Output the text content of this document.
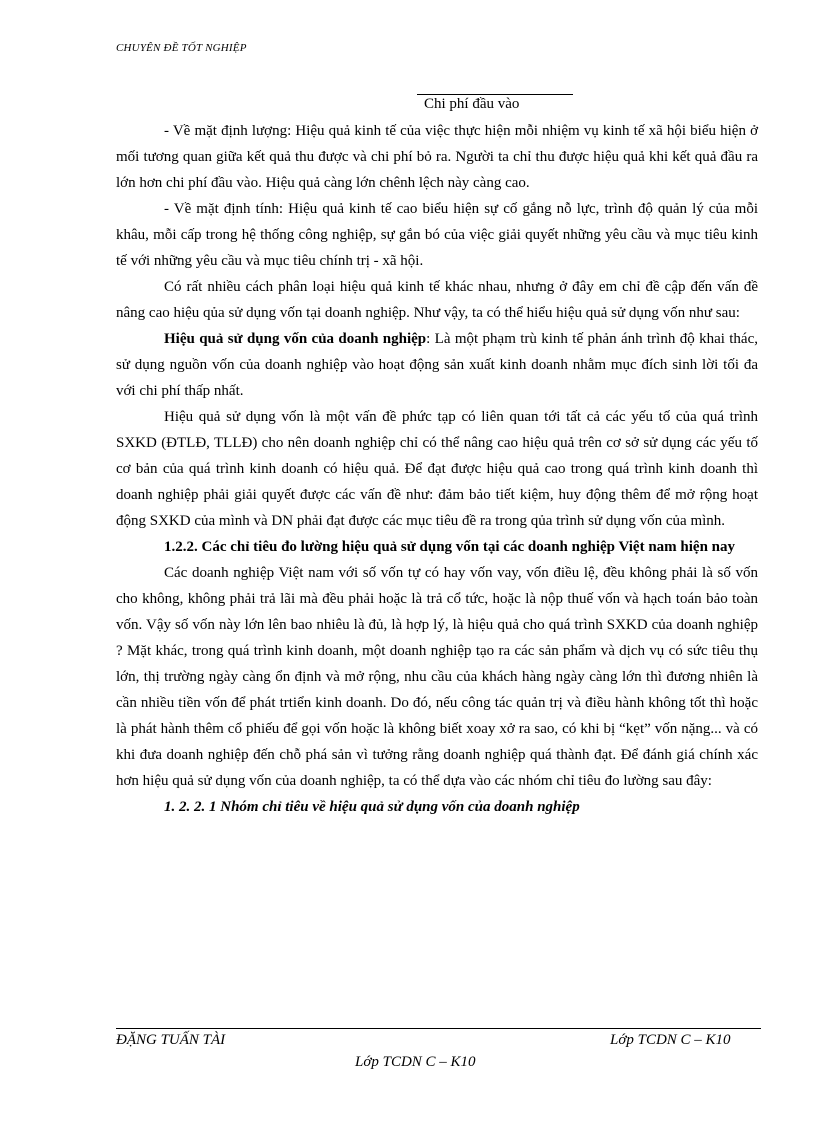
CHUYÊN ĐỀ TỐT NGHIỆP
Chi phí đầu vào

- Về mặt định lượng: Hiệu quả kinh tế của việc thực hiện mỗi nhiệm vụ kinh tế xã hội biểu hiện ở mối tương quan giữa kết quả thu được và chi phí bỏ ra. Người ta chỉ thu được hiệu quả khi kết quả đầu ra lớn hơn chi phí đầu vào. Hiệu quả càng lớn chênh lệch này càng cao.

- Về mặt định tính: Hiệu quả kinh tế cao biểu hiện sự cố gắng nỗ lực, trình độ quản lý của mỗi khâu, mỗi cấp trong hệ thống công nghiệp, sự gắn bó của việc giải quyết những yêu cầu và mục tiêu kinh tế với những yêu cầu và mục tiêu chính trị - xã hội.

Có rất nhiều cách phân loại hiệu quả kinh tế khác nhau, nhưng ở đây em chỉ đề cập đến vấn đề nâng cao hiệu qủa sử dụng vốn tại doanh nghiệp. Như vậy, ta có thể hiểu hiệu quả sử dụng vốn như sau:

Hiệu quả sử dụng vốn của doanh nghiệp: Là một phạm trù kinh tế phản ánh trình độ khai thác, sử dụng nguồn vốn của doanh nghiệp vào hoạt động sản xuất kinh doanh nhằm mục đích sinh lời tối đa với chi phí thấp nhất.

Hiệu quả sử dụng vốn là một vấn đề phức tạp có liên quan tới tất cả các yếu tố của quá trình SXKD (ĐTLĐ, TLLĐ) cho nên doanh nghiệp chỉ có thể nâng cao hiệu quả trên cơ sở sử dụng các yếu tố cơ bản của quá trình kinh doanh có hiệu quả. Để đạt được hiệu quả cao trong quá trình kinh doanh thì doanh nghiệp phải giải quyết được các vấn đề như: đảm bảo tiết kiệm, huy động thêm để mở rộng hoạt động SXKD của mình và DN phải đạt được các mục tiêu đề ra trong qủa trình sử dụng vốn của mình.

1.2.2. Các chỉ tiêu đo lường hiệu quả sử dụng vốn tại các doanh nghiệp Việt nam hiện nay

Các doanh nghiệp Việt nam với số vốn tự có hay vốn vay, vốn điều lệ, đều không phải là số vốn cho không, không phải trả lãi mà đều phải hoặc là trả cổ tức, hoặc là nộp thuế vốn và hạch toán bảo toàn vốn. Vậy số vốn này lớn lên bao nhiêu là đủ, là hợp lý, là hiệu quả cho quá trình SXKD của doanh nghiệp ? Mặt khác, trong quá trình kinh doanh, một doanh nghiệp tạo ra các sản phẩm và dịch vụ có sức tiêu thụ lớn, thị trường ngày càng ổn định và mở rộng, nhu cầu của khách hàng ngày càng lớn thì đương nhiên là cần nhiều tiền vốn để phát trtiển kinh doanh. Do đó, nếu công tác quản trị và điều hành không tốt thì hoặc là phát hành thêm cổ phiếu để gọi vốn hoặc là không biết xoay xở ra sao, có khi bị “kẹt” vốn nặng... và có khi đưa doanh nghiệp đến chỗ phá sản vì tưởng rằng doanh nghiệp quá thành đạt. Để đánh giá chính xác hơn hiệu quả sử dụng vốn của doanh nghiệp, ta có thể dựa vào các nhóm chỉ tiêu đo lường sau đây:

1. 2. 2. 1 Nhóm chỉ tiêu về hiệu quả sử dụng vốn của doanh nghiệp

ĐẶNG TUẤN TÀI	Lớp TCDN C – K10
Lớp TCDN C – K10
